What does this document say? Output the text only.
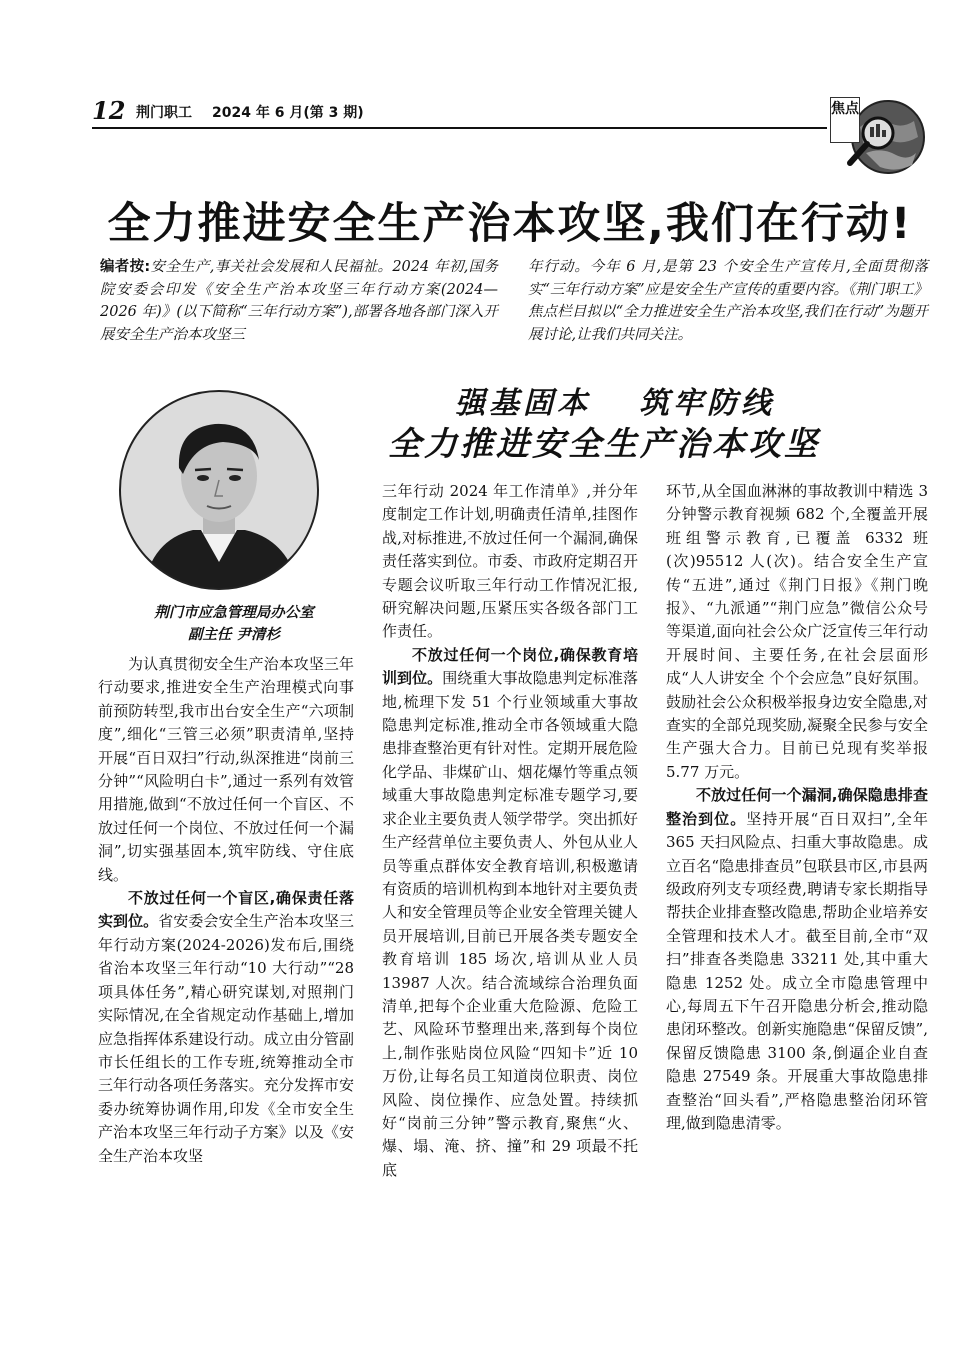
12 荆门职工 2024 年 6 月(第 3 期)	焦点
全力推进安全生产治本攻坚,我们在行动!
编者按:安全生产,事关社会发展和人民福祉。2024 年初,国务院安委会印发《安全生产治本攻坚三年行动方案(2024—2026 年)》(以下简称“三年行动方案”),部署各地各部门深入开展安全生产治本攻坚三
年行动。今年 6 月,是第 23 个安全生产宣传月,全面贯彻落实“三年行动方案”应是安全生产宣传的重要内容。《荆门职工》焦点栏目拟以“全力推进安全生产治本攻坚,我们在行动”为题开展讨论,让我们共同关注。
强基固本 筑牢防线
全力推进安全生产治本攻坚
荆门市应急管理局办公室
副主任 尹清杉

为认真贯彻安全生产治本攻坚三年行动要求,推进安全生产治理模式向事前预防转型,我市出台安全生产“六项制度”,细化“三管三必须”职责清单,坚持开展“百日双扫”行动,纵深推进“岗前三分钟”“风险明白卡”,通过一系列有效管用措施,做到“不放过任何一个盲区、不放过任何一个岗位、不放过任何一个漏洞”,切实强基固本,筑牢防线、守住底线。

不放过任何一个盲区,确保责任落实到位。省安委会安全生产治本攻坚三年行动方案(2024-2026)发布后,围绕省治本攻坚三年行动“10 大行动”“28 项具体任务”,精心研究谋划,对照荆门实际情况,在全省规定动作基础上,增加应急指挥体系建设行动。成立由分管副市长任组长的工作专班,统筹推动全市三年行动各项任务落实。充分发挥市安委办统筹协调作用,印发《全市安全生产治本攻坚三年行动子方案》以及《安全生产治本攻坚

三年行动 2024 年工作清单》,并分年度制定工作计划,明确责任清单,挂图作战,对标推进,不放过任何一个漏洞,确保责任落实到位。市委、市政府定期召开专题会议听取三年行动工作情况汇报,研究解决问题,压紧压实各级各部门工作责任。

不放过任何一个岗位,确保教育培训到位。围绕重大事故隐患判定标准落地,梳理下发 51 个行业领域重大事故隐患判定标准,推动全市各领域重大隐患排查整治更有针对性。定期开展危险化学品、非煤矿山、烟花爆竹等重点领域重大事故隐患判定标准专题学习,要求企业主要负责人领学带学。突出抓好生产经营单位主要负责人、外包从业人员等重点群体安全教育培训,积极邀请有资质的培训机构到本地针对主要负责人和安全管理员等企业安全管理关键人员开展培训,目前已开展各类专题安全教育培训 185 场次,培训从业人员 13987 人次。结合流域综合治理负面清单,把每个企业重大危险源、危险工艺、风险环节整理出来,落到每个岗位上,制作张贴岗位风险“四知卡”近 10 万份,让每名员工知道岗位职责、岗位风险、岗位操作、应急处置。持续抓好“岗前三分钟”警示教育,聚焦“火、爆、塌、淹、挤、撞”和 29 项最不托底

环节,从全国血淋淋的事故教训中精选 3 分钟警示教育视频 682 个,全覆盖开展班组警示教育,已覆盖 6332 班(次)95512 人(次)。结合安全生产宣传“五进”,通过《荆门日报》《荆门晚报》、“九派通”“荆门应急”微信公众号等渠道,面向社会公众广泛宣传三年行动开展时间、主要任务,在社会层面形成“人人讲安全 个个会应急”良好氛围。鼓励社会公众积极举报身边安全隐患,对查实的全部兑现奖励,凝聚全民参与安全生产强大合力。目前已兑现有奖举报 5.77 万元。

不放过任何一个漏洞,确保隐患排查整治到位。坚持开展“百日双扫”,全年 365 天扫风险点、扫重大事故隐患。成立百名“隐患排查员”包联县市区,市县两级政府列支专项经费,聘请专家长期指导帮扶企业排查整改隐患,帮助企业培养安全管理和技术人才。截至目前,全市“双扫”排查各类隐患 33211 处,其中重大隐患 1252 处。成立全市隐患管理中心,每周五下午召开隐患分析会,推动隐患闭环整改。创新实施隐患“保留反馈”,保留反馈隐患 3100 条,倒逼企业自查隐患 27549 条。开展重大事故隐患排查整治“回头看”,严格隐患整治闭环管理,做到隐患清零。
